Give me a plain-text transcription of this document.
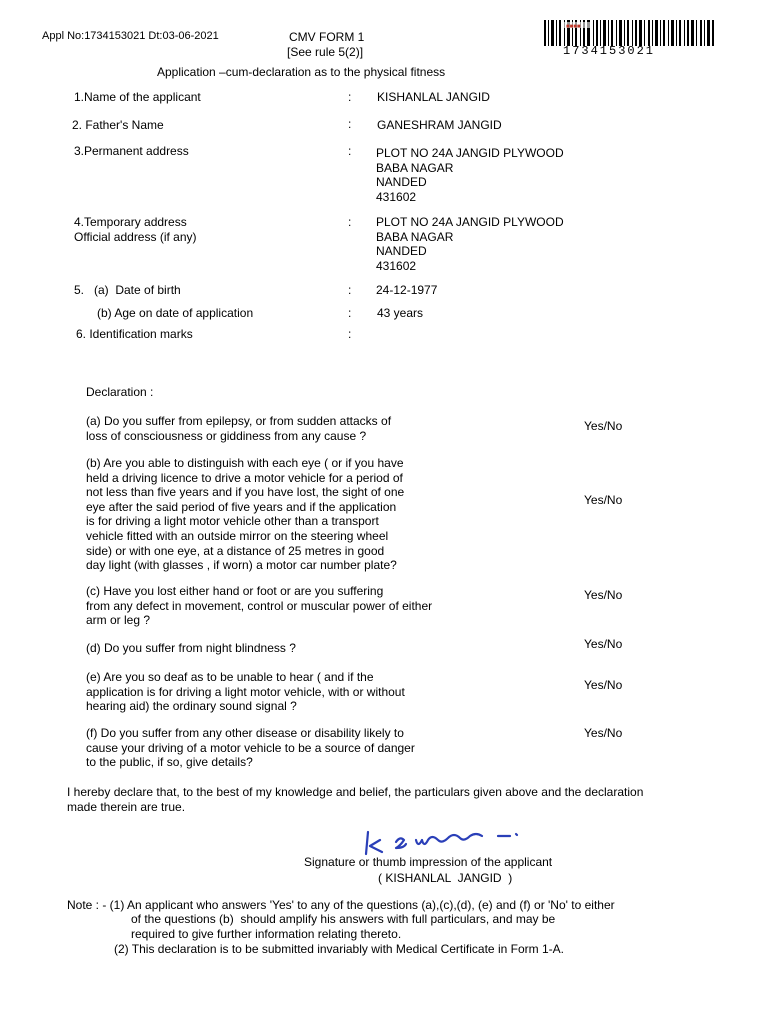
Appl No:1734153021 Dt:03-06-2021	CMV FORM 1
[See rule 5(2)]
Application –cum-declaration as to the physical fitness
■■■■
1734153021
1.Name of the applicant	: KISHANLAL JANGID
2. Father's Name	: GANESHRAM JANGID
3.Permanent address	: PLOT NO 24A JANGID PLYWOOD
BABA NAGAR
NANDED
431602
4.Temporary address
Official address (if any)
: PLOT NO 24A JANGID PLYWOOD
BABA NAGAR
NANDED
431602
5.   (a)  Date of birth	: 24-12-1977
(b) Age on date of application	: 43 years
6. Identification marks	:
Declaration :
(a) Do you suffer from epilepsy, or from sudden attacks of
loss of consciousness or giddiness from any cause ?
Yes/No
(b) Are you able to distinguish with each eye ( or if you have
held a driving licence to drive a motor vehicle for a period of
not less than five years and if you have lost, the sight of one
eye after the said period of five years and if the application
is for driving a light motor vehicle other than a transport
vehicle fitted with an outside mirror on the steering wheel
side) or with one eye, at a distance of 25 metres in good
day light (with glasses , if worn) a motor car number plate?
Yes/No
(c) Have you lost either hand or foot or are you suffering
from any defect in movement, control or muscular power of either
arm or leg ?
Yes/No
(d) Do you suffer from night blindness ?	Yes/No
(e) Are you so deaf as to be unable to hear ( and if the
application is for driving a light motor vehicle, with or without
hearing aid) the ordinary sound signal ?
Yes/No
(f) Do you suffer from any other disease or disability likely to
cause your driving of a motor vehicle to be a source of danger
to the public, if so, give details?
Yes/No
I hereby declare that, to the best of my knowledge and belief, the particulars given above and the declaration
made therein are true.
Signature or thumb impression of the applicant
( KISHANLAL  JANGID  )
Note : - (1) An applicant who answers 'Yes' to any of the questions (a),(c),(d), (e) and (f) or 'No' to either
of the questions (b)  should amplify his answers with full particulars, and may be
required to give further information relating thereto.
(2) This declaration is to be submitted invariably with Medical Certificate in Form 1-A.
